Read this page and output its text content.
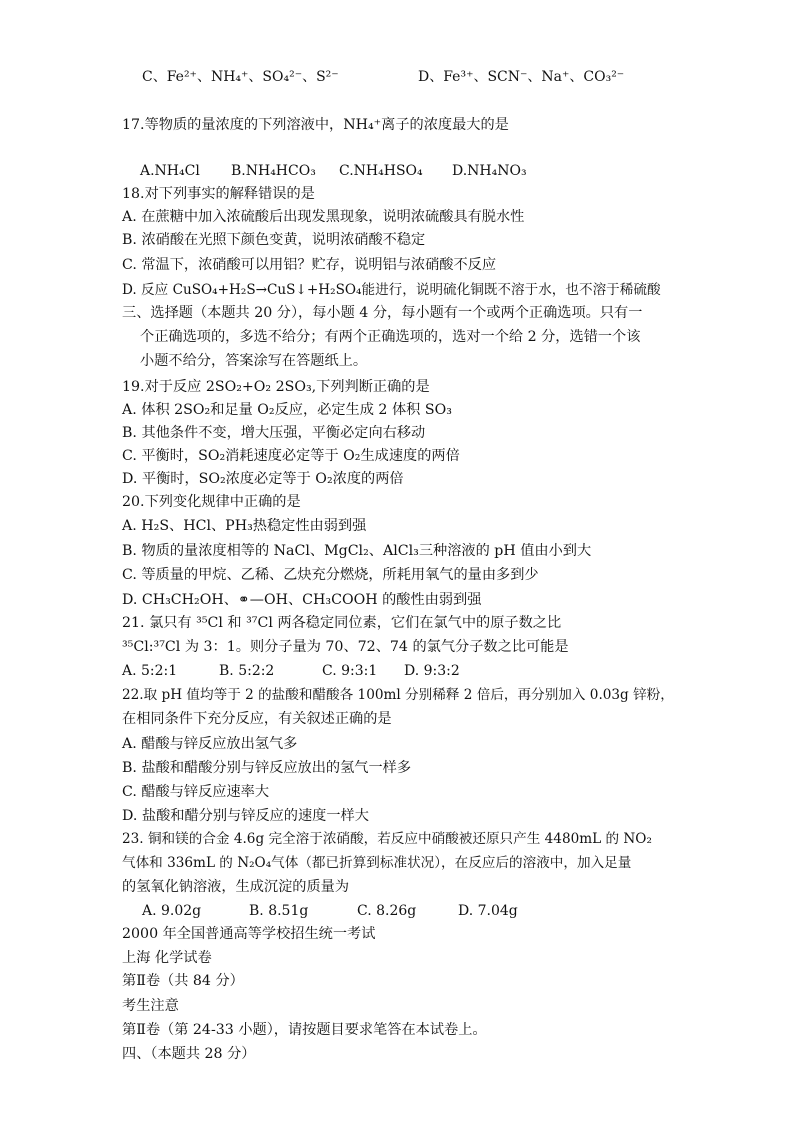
C、Fe²⁺、NH₄⁺、SO₄²⁻、S²⁻	D、Fe³⁺、SCN⁻、Na⁺、CO₃²⁻
17.等物质的量浓度的下列溶液中，NH₄⁺离子的浓度最大的是
A.NH₄Cl B.NH₄HCO₃ C.NH₄HSO₄ D.NH₄NO₃
18.对下列事实的解释错误的是
A. 在蔗糖中加入浓硫酸后出现发黑现象，说明浓硫酸具有脱水性
B. 浓硝酸在光照下颜色变黄，说明浓硝酸不稳定
C. 常温下，浓硝酸可以用铝？贮存，说明铝与浓硝酸不反应
D. 反应 CuSO₄+H₂S→CuS↓+H₂SO₄能进行，说明硫化铜既不溶于水，也不溶于稀硫酸
三、选择题（本题共 20 分），每小题 4 分，每小题有一个或两个正确选项。只有一
个正确选项的，多选不给分；有两个正确选项的，选对一个给 2 分，选错一个该
小题不给分，答案涂写在答题纸上。
19.对于反应 2SO₂+O₂ 2SO₃,下列判断正确的是
A. 体积 2SO₂和足量 O₂反应，必定生成 2 体积 SO₃
B. 其他条件不变，增大压强，平衡必定向右移动
C. 平衡时，SO₂消耗速度必定等于 O₂生成速度的两倍
D. 平衡时，SO₂浓度必定等于 O₂浓度的两倍
20.下列变化规律中正确的是
A. H₂S、HCl、PH₃热稳定性由弱到强
B. 物质的量浓度相等的 NaCl、MgCl₂、AlCl₃三种溶液的 pH 值由小到大
C. 等质量的甲烷、乙稀、乙炔充分燃烧，所耗用氧气的量由多到少
D. CH₃CH₂OH、⚭—OH、CH₃COOH 的酸性由弱到强
21. 氯只有 ³⁵Cl 和 ³⁷Cl 两各稳定同位素，它们在氯气中的原子数之比
³⁵Cl:³⁷Cl 为 3：1。则分子量为 70、72、74 的氯气分子数之比可能是
A. 5:2:1	B. 5:2:2	C. 9:3:1 D. 9:3:2
22.取 pH 值均等于 2 的盐酸和醋酸各 100ml 分别稀释 2 倍后，再分别加入 0.03g 锌粉，
在相同条件下充分反应，有关叙述正确的是
A. 醋酸与锌反应放出氢气多
B. 盐酸和醋酸分别与锌反应放出的氢气一样多
C. 醋酸与锌反应速率大
D. 盐酸和醋分别与锌反应的速度一样大
23. 铜和镁的合金 4.6g 完全溶于浓硝酸，若反应中硝酸被还原只产生 4480mL 的 NO₂
气体和 336mL 的 N₂O₄气体（都已折算到标准状况），在反应后的溶液中，加入足量
的氢氧化钠溶液，生成沉淀的质量为
A. 9.02g	B. 8.51g	C. 8.26g	D. 7.04g
2000 年全国普通高等学校招生统一考试
上海 化学试卷
第Ⅱ卷（共 84 分）
考生注意
第Ⅱ卷（第 24-33 小题），请按题目要求笔答在本试卷上。
四、（本题共 28 分）
